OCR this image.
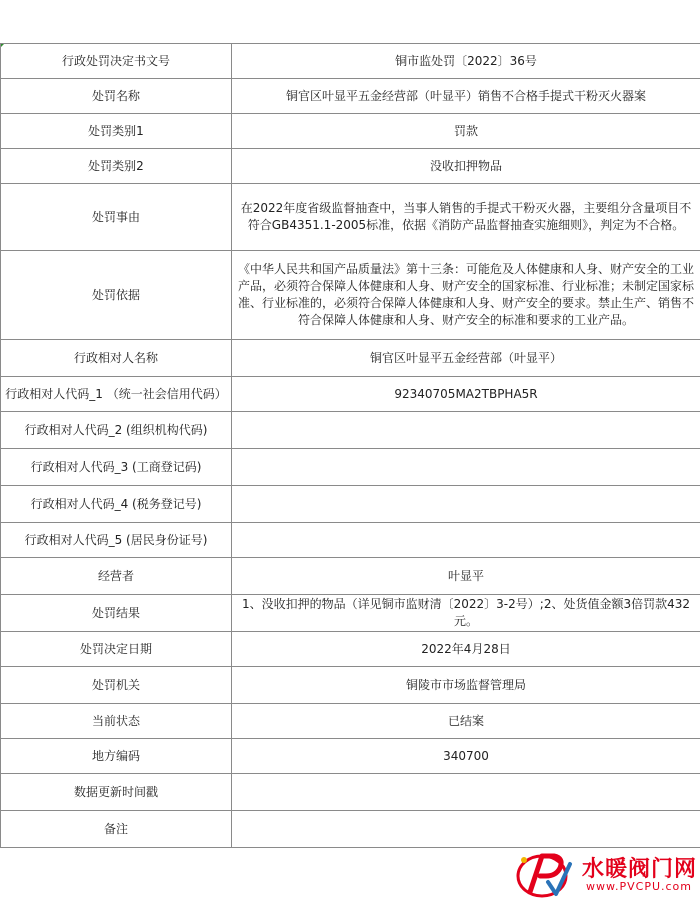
行政处罚决定书文号	铜市监处罚〔2022〕36号
处罚名称	铜官区叶显平五金经营部（叶显平）销售不合格手提式干粉灭火器案
处罚类别1	罚款
处罚类别2	没收扣押物品
处罚事由	在2022年度省级监督抽查中，当事人销售的手提式干粉灭火器，主要组分含量项目不符合GB4351.1-2005标准，依据《消防产品监督抽查实施细则》，判定为不合格。
处罚依据	《中华人民共和国产品质量法》第十三条：可能危及人体健康和人身、财产安全的工业产品，必须符合保障人体健康和人身、财产安全的国家标准、行业标准；未制定国家标准、行业标准的，必须符合保障人体健康和人身、财产安全的要求。禁止生产、销售不符合保障人体健康和人身、财产安全的标准和要求的工业产品。
行政相对人名称	铜官区叶显平五金经营部（叶显平）
行政相对人代码_1 （统一社会信用代码）	92340705MA2TBPHA5R
行政相对人代码_2 (组织机构代码)	
行政相对人代码_3 (工商登记码)	
行政相对人代码_4 (税务登记号)	
行政相对人代码_5 (居民身份证号)	
经营者	叶显平
处罚结果	1、没收扣押的物品（详见铜市监财清〔2022〕3-2号）;2、处货值金额3倍罚款432元。
处罚决定日期	2022年4月28日
处罚机关	铜陵市市场监督管理局
当前状态	已结案
地方编码	340700
数据更新时间戳	
备注	
水暖阀门网
www.PVCPU.com
